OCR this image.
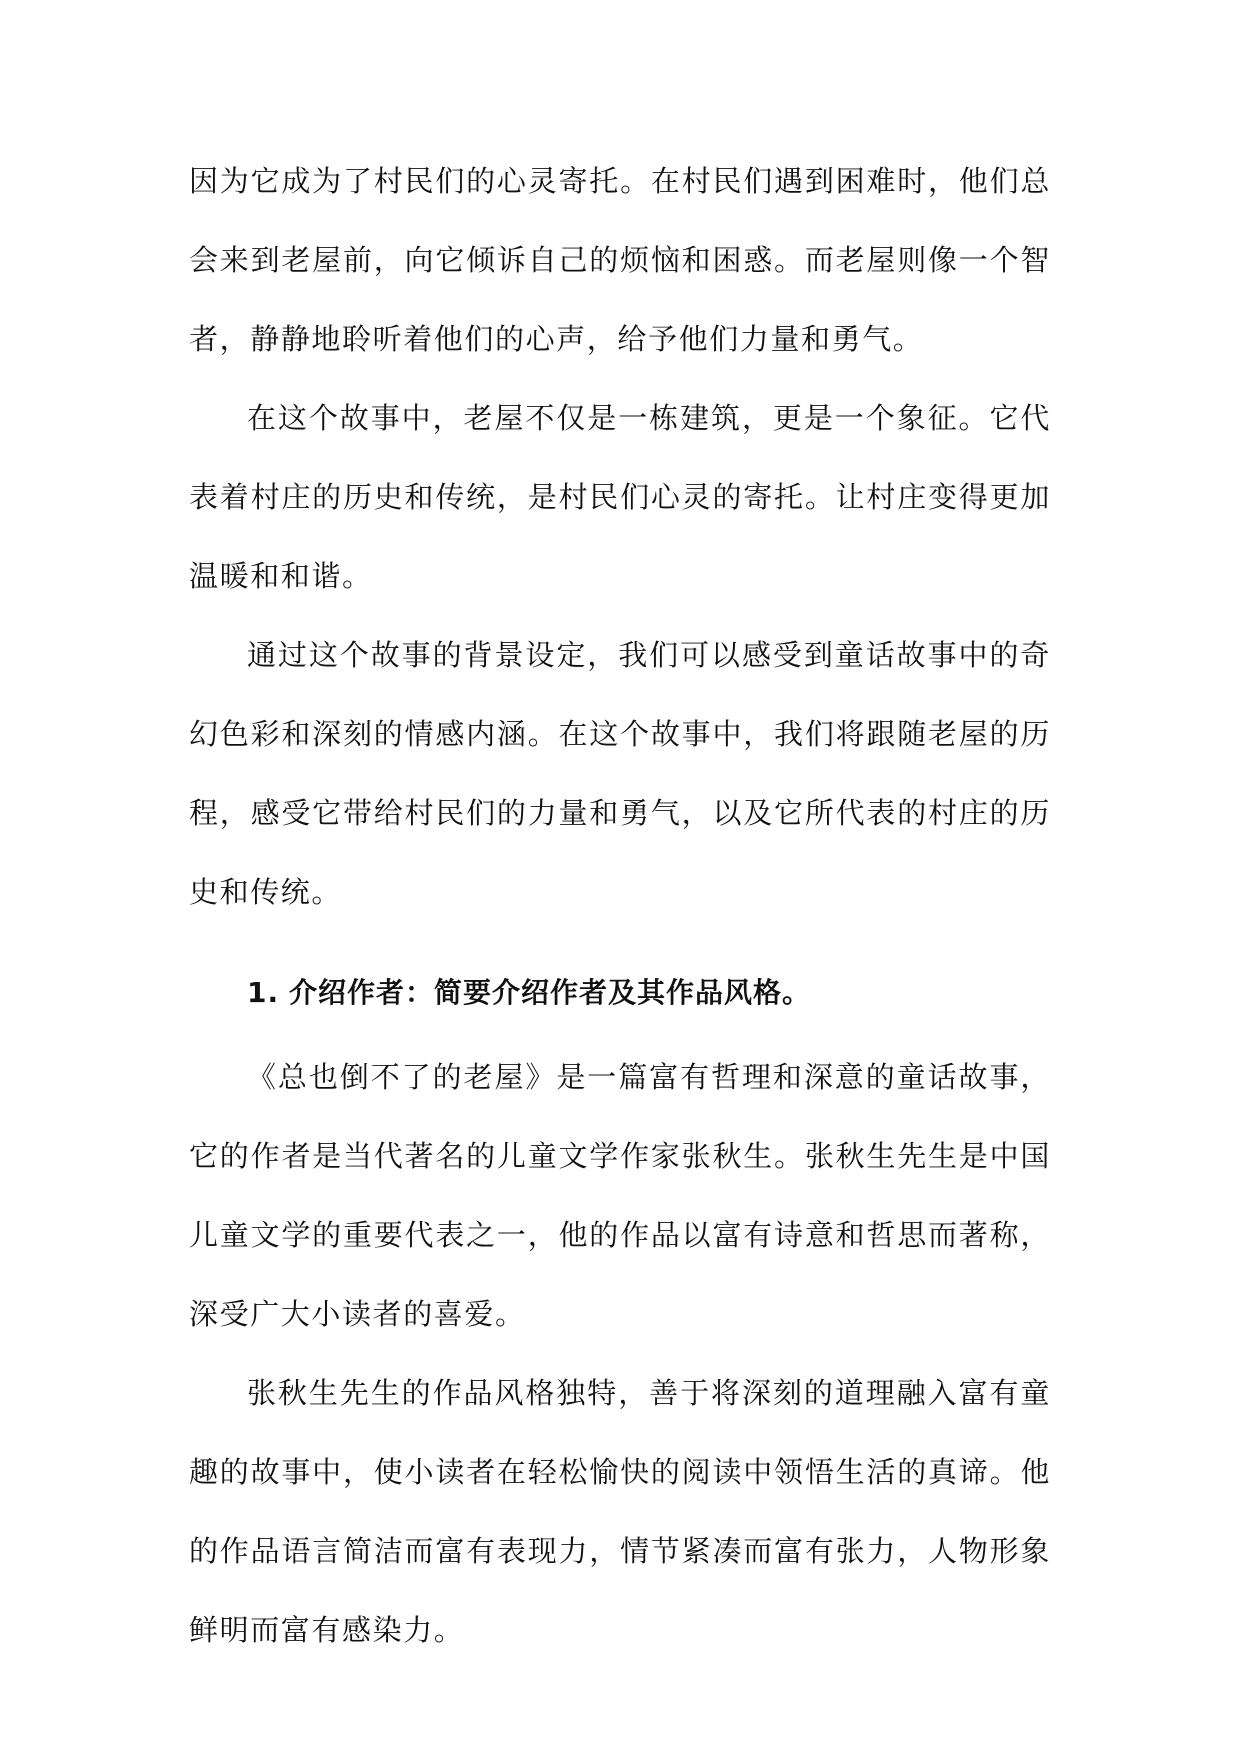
因为它成为了村民们的心灵寄托。在村民们遇到困难时，他们总会来到老屋前，向它倾诉自己的烦恼和困惑。而老屋则像一个智者，静静地聆听着他们的心声，给予他们力量和勇气。

在这个故事中，老屋不仅是一栋建筑，更是一个象征。它代表着村庄的历史和传统，是村民们心灵的寄托。让村庄变得更加温暖和和谐。

通过这个故事的背景设定，我们可以感受到童话故事中的奇幻色彩和深刻的情感内涵。在这个故事中，我们将跟随老屋的历程，感受它带给村民们的力量和勇气，以及它所代表的村庄的历史和传统。

1. 介绍作者：简要介绍作者及其作品风格。

《总也倒不了的老屋》是一篇富有哲理和深意的童话故事，它的作者是当代著名的儿童文学作家张秋生。张秋生先生是中国儿童文学的重要代表之一，他的作品以富有诗意和哲思而著称，深受广大小读者的喜爱。

张秋生先生的作品风格独特，善于将深刻的道理融入富有童趣的故事中，使小读者在轻松愉快的阅读中领悟生活的真谛。他的作品语言简洁而富有表现力，情节紧凑而富有张力，人物形象鲜明而富有感染力。
